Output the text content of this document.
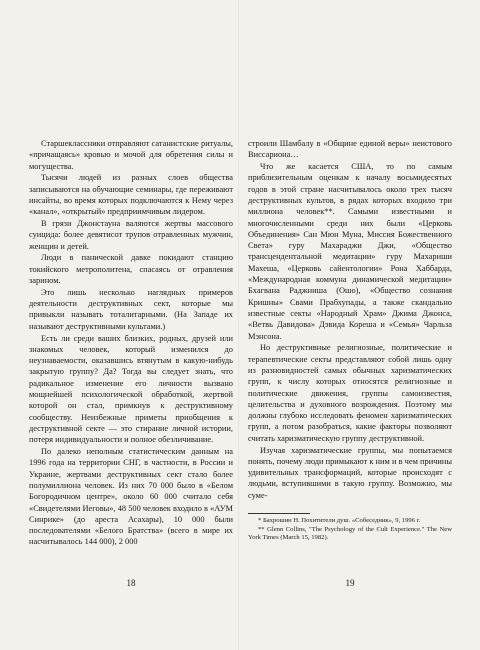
Старшеклассники отправляют сатанистские ритуалы, «причащаясь» кровью и мочой для обретения силы и могущества.

Тысячи людей из разных слоев общества записываются на обучающие семинары, где переживают инсайты, во время которых подключаются к Нему через «канал», «открытый» предприимчивым лидером.

В грязи Джонстауна валяются жертвы массового суицида: более девятисот трупов отравленных мужчин, женщин и детей.

Люди в панической давке покидают станцию токийского метрополитена, спасаясь от отравления зарином.

Это лишь несколько наглядных примеров деятельности деструктивных сект, которые мы привыкли называть тоталитарными. (На Западе их называют деструктивными культами.)

Есть ли среди ваших близких, родных, друзей или знакомых человек, который изменился до неузнаваемости, оказавшись втянутым в какую-нибудь закрытую группу? Да? Тогда вы следует знать, что радикальное изменение его личности вызвано мощнейшей психологической обработкой, жертвой которой он стал, примкнув к деструктивному сообществу. Неизбежные приметы приобщения к деструктивной секте — это стирание личной истории, потеря индивидуальности и полное обезличивание.

По далеко неполным статистическим данным на 1996 года на территории СНГ, в частности, в России и Украине, жертвами деструктивных сект стало более полумиллиона человек. Из них 70 000 было в «Белом Богородичном центре», около 60 000 считало себя «Свидетелями Иеговы», 48 500 человек входило в «АУМ Синрике» (до ареста Асахары), 10 000 были последователями «Белого Братства» (всего в мире их насчитывалось 144 000), 2 000

строили Шамбалу в «Общине единой веры» неистового Виссариона…

Что же касается США, то по самым приблизительным оценкам к началу восьмидесятых годов в этой стране насчитывалось около трех тысяч деструктивных культов, в рядах которых входило три миллиона человек**. Самыми известными и многочисленными среди них были «Церковь Объединения» Сан Мюн Муна, Миссия Божественного Света» гуру Махараджи Джи, «Общество трансцендентальной медитации» гуру Махариши Махеша, «Церковь сайентологии» Рона Хаббарда, «Международная коммуна динамической медитации» Бхагвана Раджниша (Ошо), «Общество сознания Кришны» Свами Прабхупады, а также скандально известные секты «Народный Храм» Джима Джонса, «Ветвь Давидова» Дэвида Кореша и «Семья» Чарльза Мэнсона.

Но деструктивные религиозные, политические и терапевтические секты представляют собой лишь одну из разновидностей самых обычных харизматических групп, к числу которых относятся религиозные и политические движения, группы самоизвестия, целительства и духовного возрождения. Поэтому мы должны глубоко исследовать феномен харизматических групп, а потом разобраться, какие факторы позволяют считать харизматическую группу деструктивной.

Изучая харизматические группы, мы попытаемся понять, почему люди примыкают к ним и в чем причины удивительных трансформаций, которые происходят с людьми, вступившими в такую группу. Возможно, мы суме-

* Бахрошин Н. Похитители душ. «Собеседник», 9, 1996 г.

** Glenn Collins, "The Psychology of the Cult Experience." The New York Times (March 15, 1982).

18	19
